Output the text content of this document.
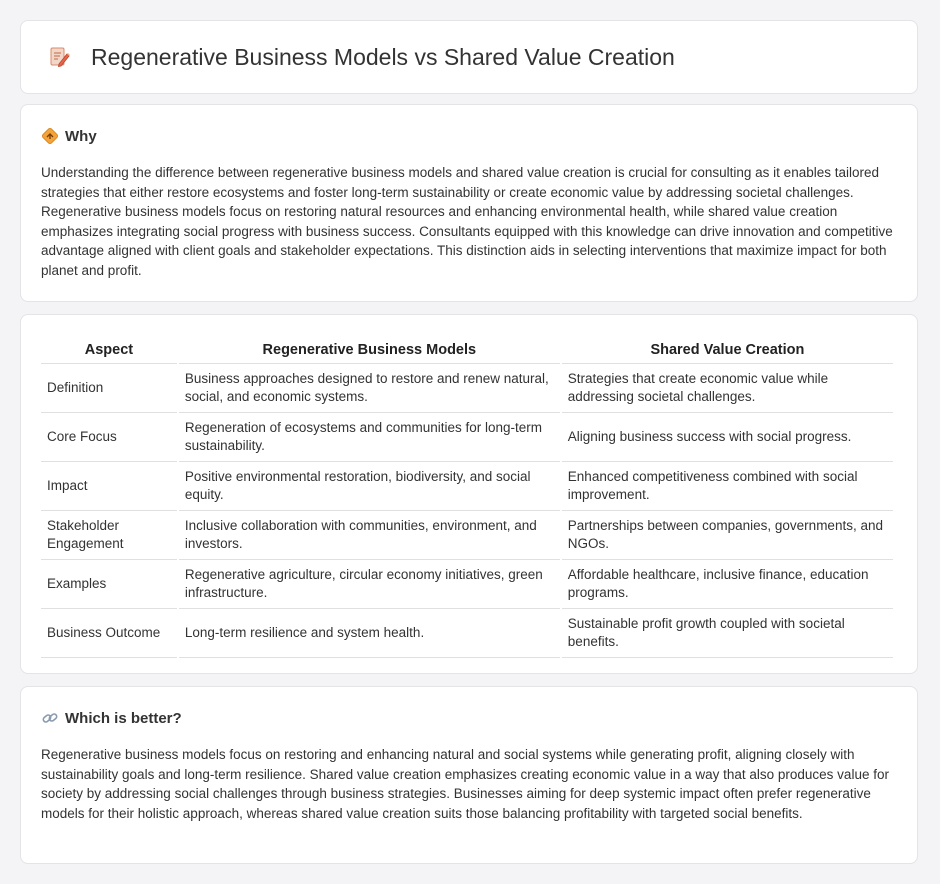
Regenerative Business Models vs Shared Value Creation
Why

Understanding the difference between regenerative business models and shared value creation is crucial for consulting as it enables tailored strategies that either restore ecosystems and foster long-term sustainability or create economic value by addressing societal challenges. Regenerative business models focus on restoring natural resources and enhancing environmental health, while shared value creation emphasizes integrating social progress with business success. Consultants equipped with this knowledge can drive innovation and competitive advantage aligned with client goals and stakeholder expectations. This distinction aids in selecting interventions that maximize impact for both planet and profit.

Aspect	Regenerative Business Models	Shared Value Creation
Definition	Business approaches designed to restore and renew natural, social, and economic systems.	Strategies that create economic value while addressing societal challenges.
Core Focus	Regeneration of ecosystems and communities for long-term sustainability.	Aligning business success with social progress.
Impact	Positive environmental restoration, biodiversity, and social equity.	Enhanced competitiveness combined with social improvement.
Stakeholder Engagement	Inclusive collaboration with communities, environment, and investors.	Partnerships between companies, governments, and NGOs.
Examples	Regenerative agriculture, circular economy initiatives, green infrastructure.	Affordable healthcare, inclusive finance, education programs.
Business Outcome	Long-term resilience and system health.	Sustainable profit growth coupled with societal benefits.
Which is better?

Regenerative business models focus on restoring and enhancing natural and social systems while generating profit, aligning closely with sustainability goals and long-term resilience. Shared value creation emphasizes creating economic value in a way that also produces value for society by addressing social challenges through business strategies. Businesses aiming for deep systemic impact often prefer regenerative models for their holistic approach, whereas shared value creation suits those balancing profitability with targeted social benefits.
